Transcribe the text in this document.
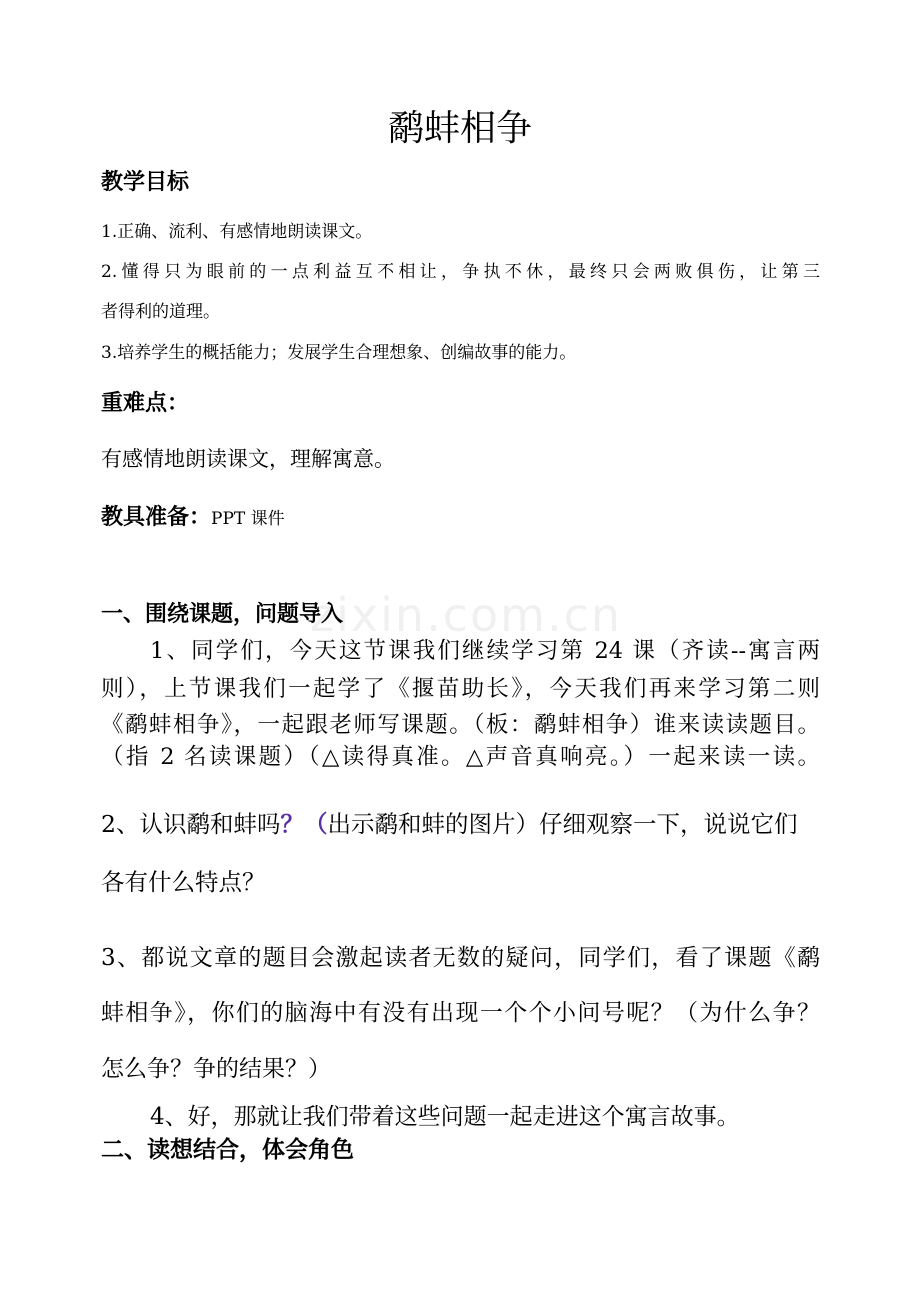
zixin.com.cn
鹬蚌相争
教学目标
1.正确、流利、有感情地朗读课文。
2.懂得只为眼前的一点利益互不相让，争执不休，最终只会两败俱伤，让第三
者得利的道理。
3.培养学生的概括能力；发展学生合理想象、创编故事的能力。
重难点：
有感情地朗读课文，理解寓意。
教具准备：PPT 课件
一、围绕课题，问题导入
1、同学们，今天这节课我们继续学习第 24 课（齐读--寓言两
则），上节课我们一起学了《揠苗助长》，今天我们再来学习第二则
《鹬蚌相争》，一起跟老师写课题。（板：鹬蚌相争）谁来读读题目。
（指 2 名读课题）（△读得真准。△声音真响亮。）一起来读一读。
2、认识鹬和蚌吗？（出示鹬和蚌的图片）仔细观察一下，说说它们
各有什么特点？
3、都说文章的题目会激起读者无数的疑问，同学们，看了课题《鹬
蚌相争》，你们的脑海中有没有出现一个个小问号呢？（为什么争？
怎么争？争的结果？）
4、好，那就让我们带着这些问题一起走进这个寓言故事。
二、读想结合，体会角色
